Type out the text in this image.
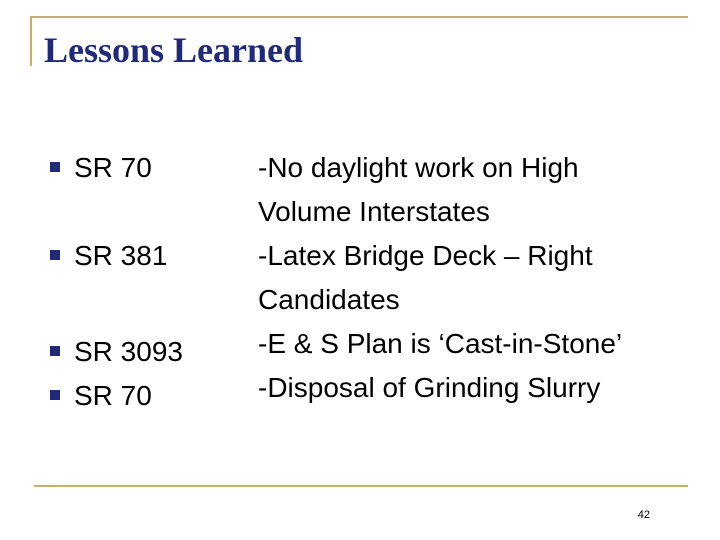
Lessons Learned
SR 70
SR 381
SR 3093
SR 70
-No daylight work on High
Volume Interstates
-Latex Bridge Deck – Right
Candidates
-E & S Plan is ‘Cast-in-Stone’
-Disposal of Grinding Slurry
42
